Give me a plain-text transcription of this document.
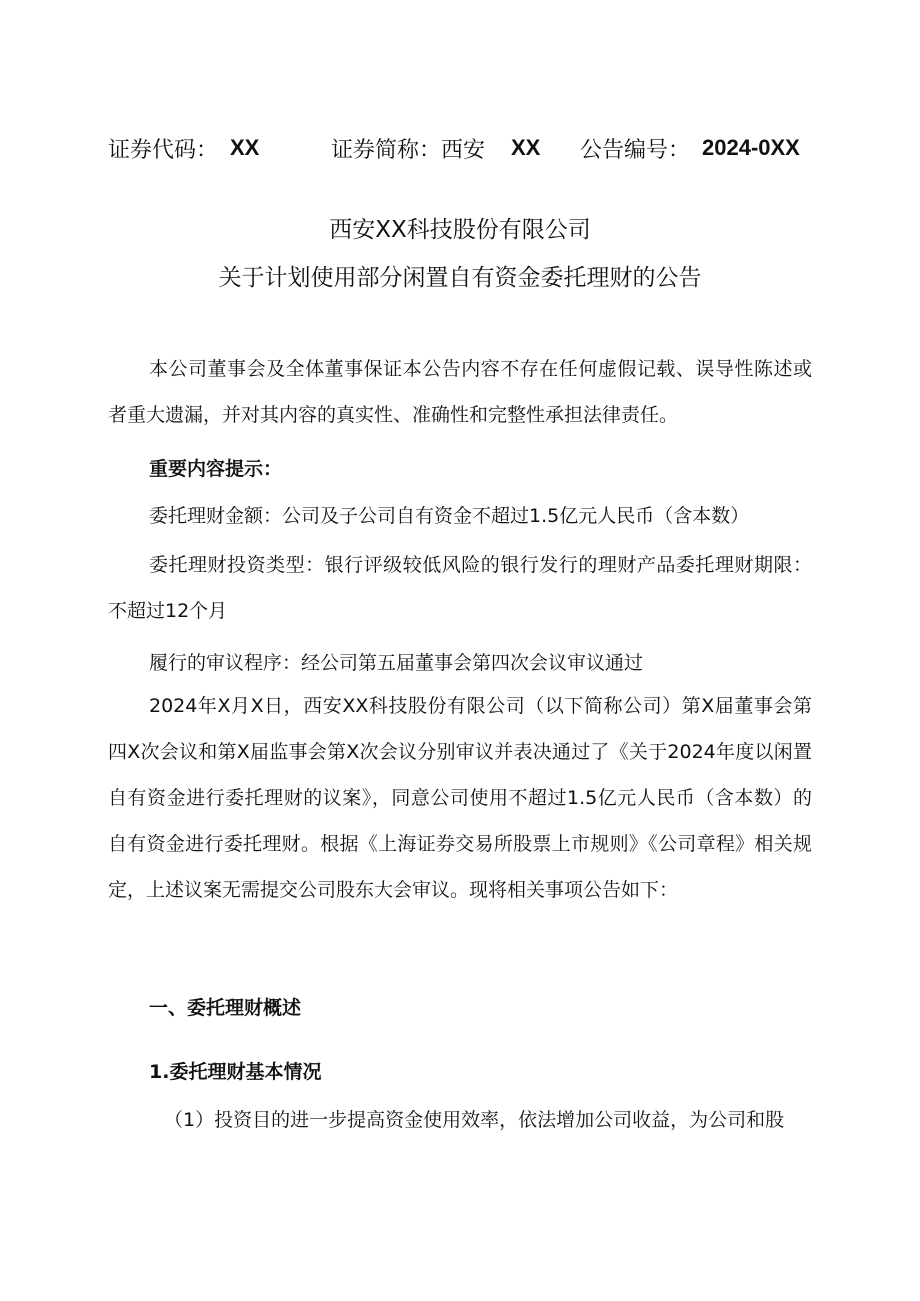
证券代码： XX	证券简称：西安 XX 公告编号： 2024-0XX
西安XX科技股份有限公司
关于计划使用部分闲置自有资金委托理财的公告

本公司董事会及全体董事保证本公告内容不存在任何虚假记载、误导性陈述或者重大遗漏，并对其内容的真实性、准确性和完整性承担法律责任。

重要内容提示：
委托理财金额：公司及子公司自有资金不超过1.5亿元人民币（含本数）

委托理财投资类型：银行评级较低风险的银行发行的理财产品委托理财期限：不超过12个月

履行的审议程序：经公司第五届董事会第四次会议审议通过

2024年X月X日，西安XX科技股份有限公司（以下简称公司）第X届董事会第四X次会议和第X届监事会第X次会议分别审议并表决通过了《关于2024年度以闲置自有资金进行委托理财的议案》，同意公司使用不超过1.5亿元人民币（含本数）的自有资金进行委托理财。根据《上海证券交易所股票上市规则》《公司章程》相关规定，上述议案无需提交公司股东大会审议。现将相关事项公告如下：

一、委托理财概述
1.委托理财基本情况
（1）投资目的进一步提高资金使用效率，依法增加公司收益，为公司和股
